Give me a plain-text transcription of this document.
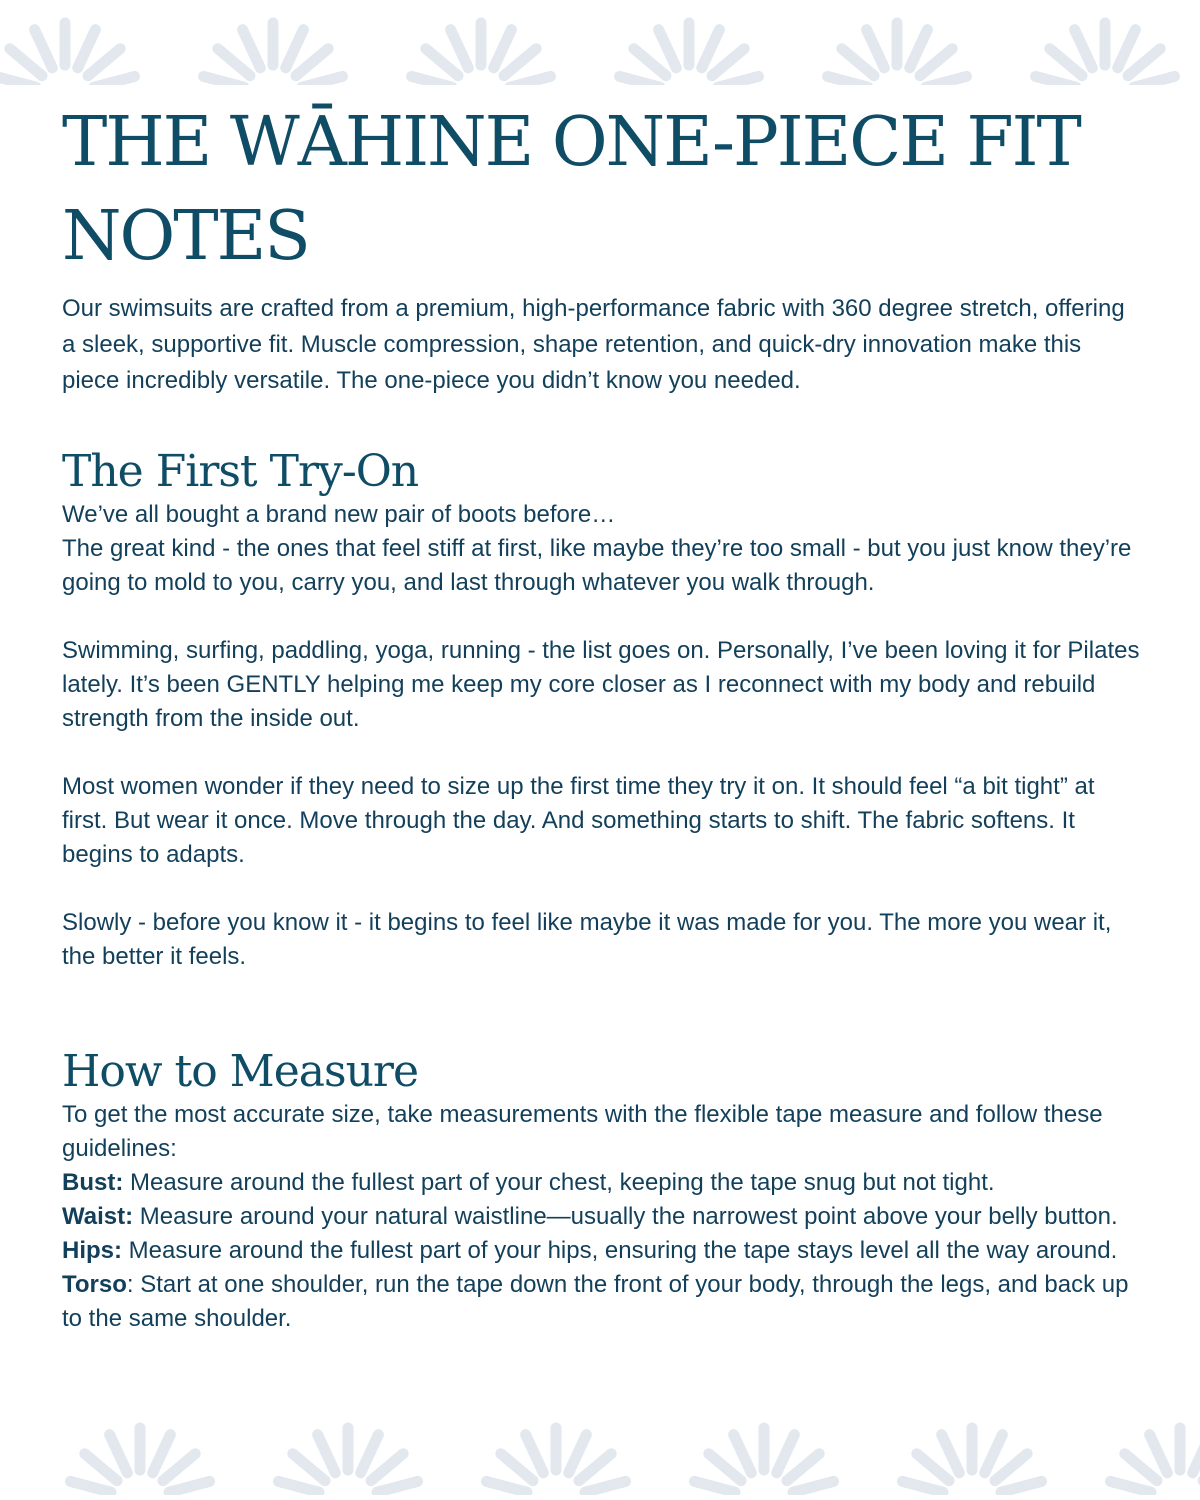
THE WĀHINE ONE-PIECE FIT NOTES

Our swimsuits are crafted from a premium, high-performance fabric with 360 degree stretch, offering a sleek, supportive fit. Muscle compression, shape retention, and quick-dry innovation make this piece incredibly versatile. The one-piece you didn’t know you needed.

The First Try-On

We’ve all bought a brand new pair of boots before…

The great kind - the ones that feel stiff at first, like maybe they’re too small - but you just know they’re going to mold to you, carry you, and last through whatever you walk through.

Swimming, surfing, paddling, yoga, running - the list goes on. Personally, I’ve been loving it for Pilates lately. It’s been GENTLY helping me keep my core closer as I reconnect with my body and rebuild strength from the inside out.

Most women wonder if they need to size up the first time they try it on. It should feel “a bit tight” at first. But wear it once. Move through the day. And something starts to shift. The fabric softens. It begins to adapts.

Slowly - before you know it - it begins to feel like maybe it was made for you. The more you wear it, the better it feels.

How to Measure

To get the most accurate size, take measurements with the flexible tape measure and follow these guidelines:

Bust: Measure around the fullest part of your chest, keeping the tape snug but not tight.

Waist: Measure around your natural waistline—usually the narrowest point above your belly button.

Hips: Measure around the fullest part of your hips, ensuring the tape stays level all the way around.

Torso: Start at one shoulder, run the tape down the front of your body, through the legs, and back up to the same shoulder.
